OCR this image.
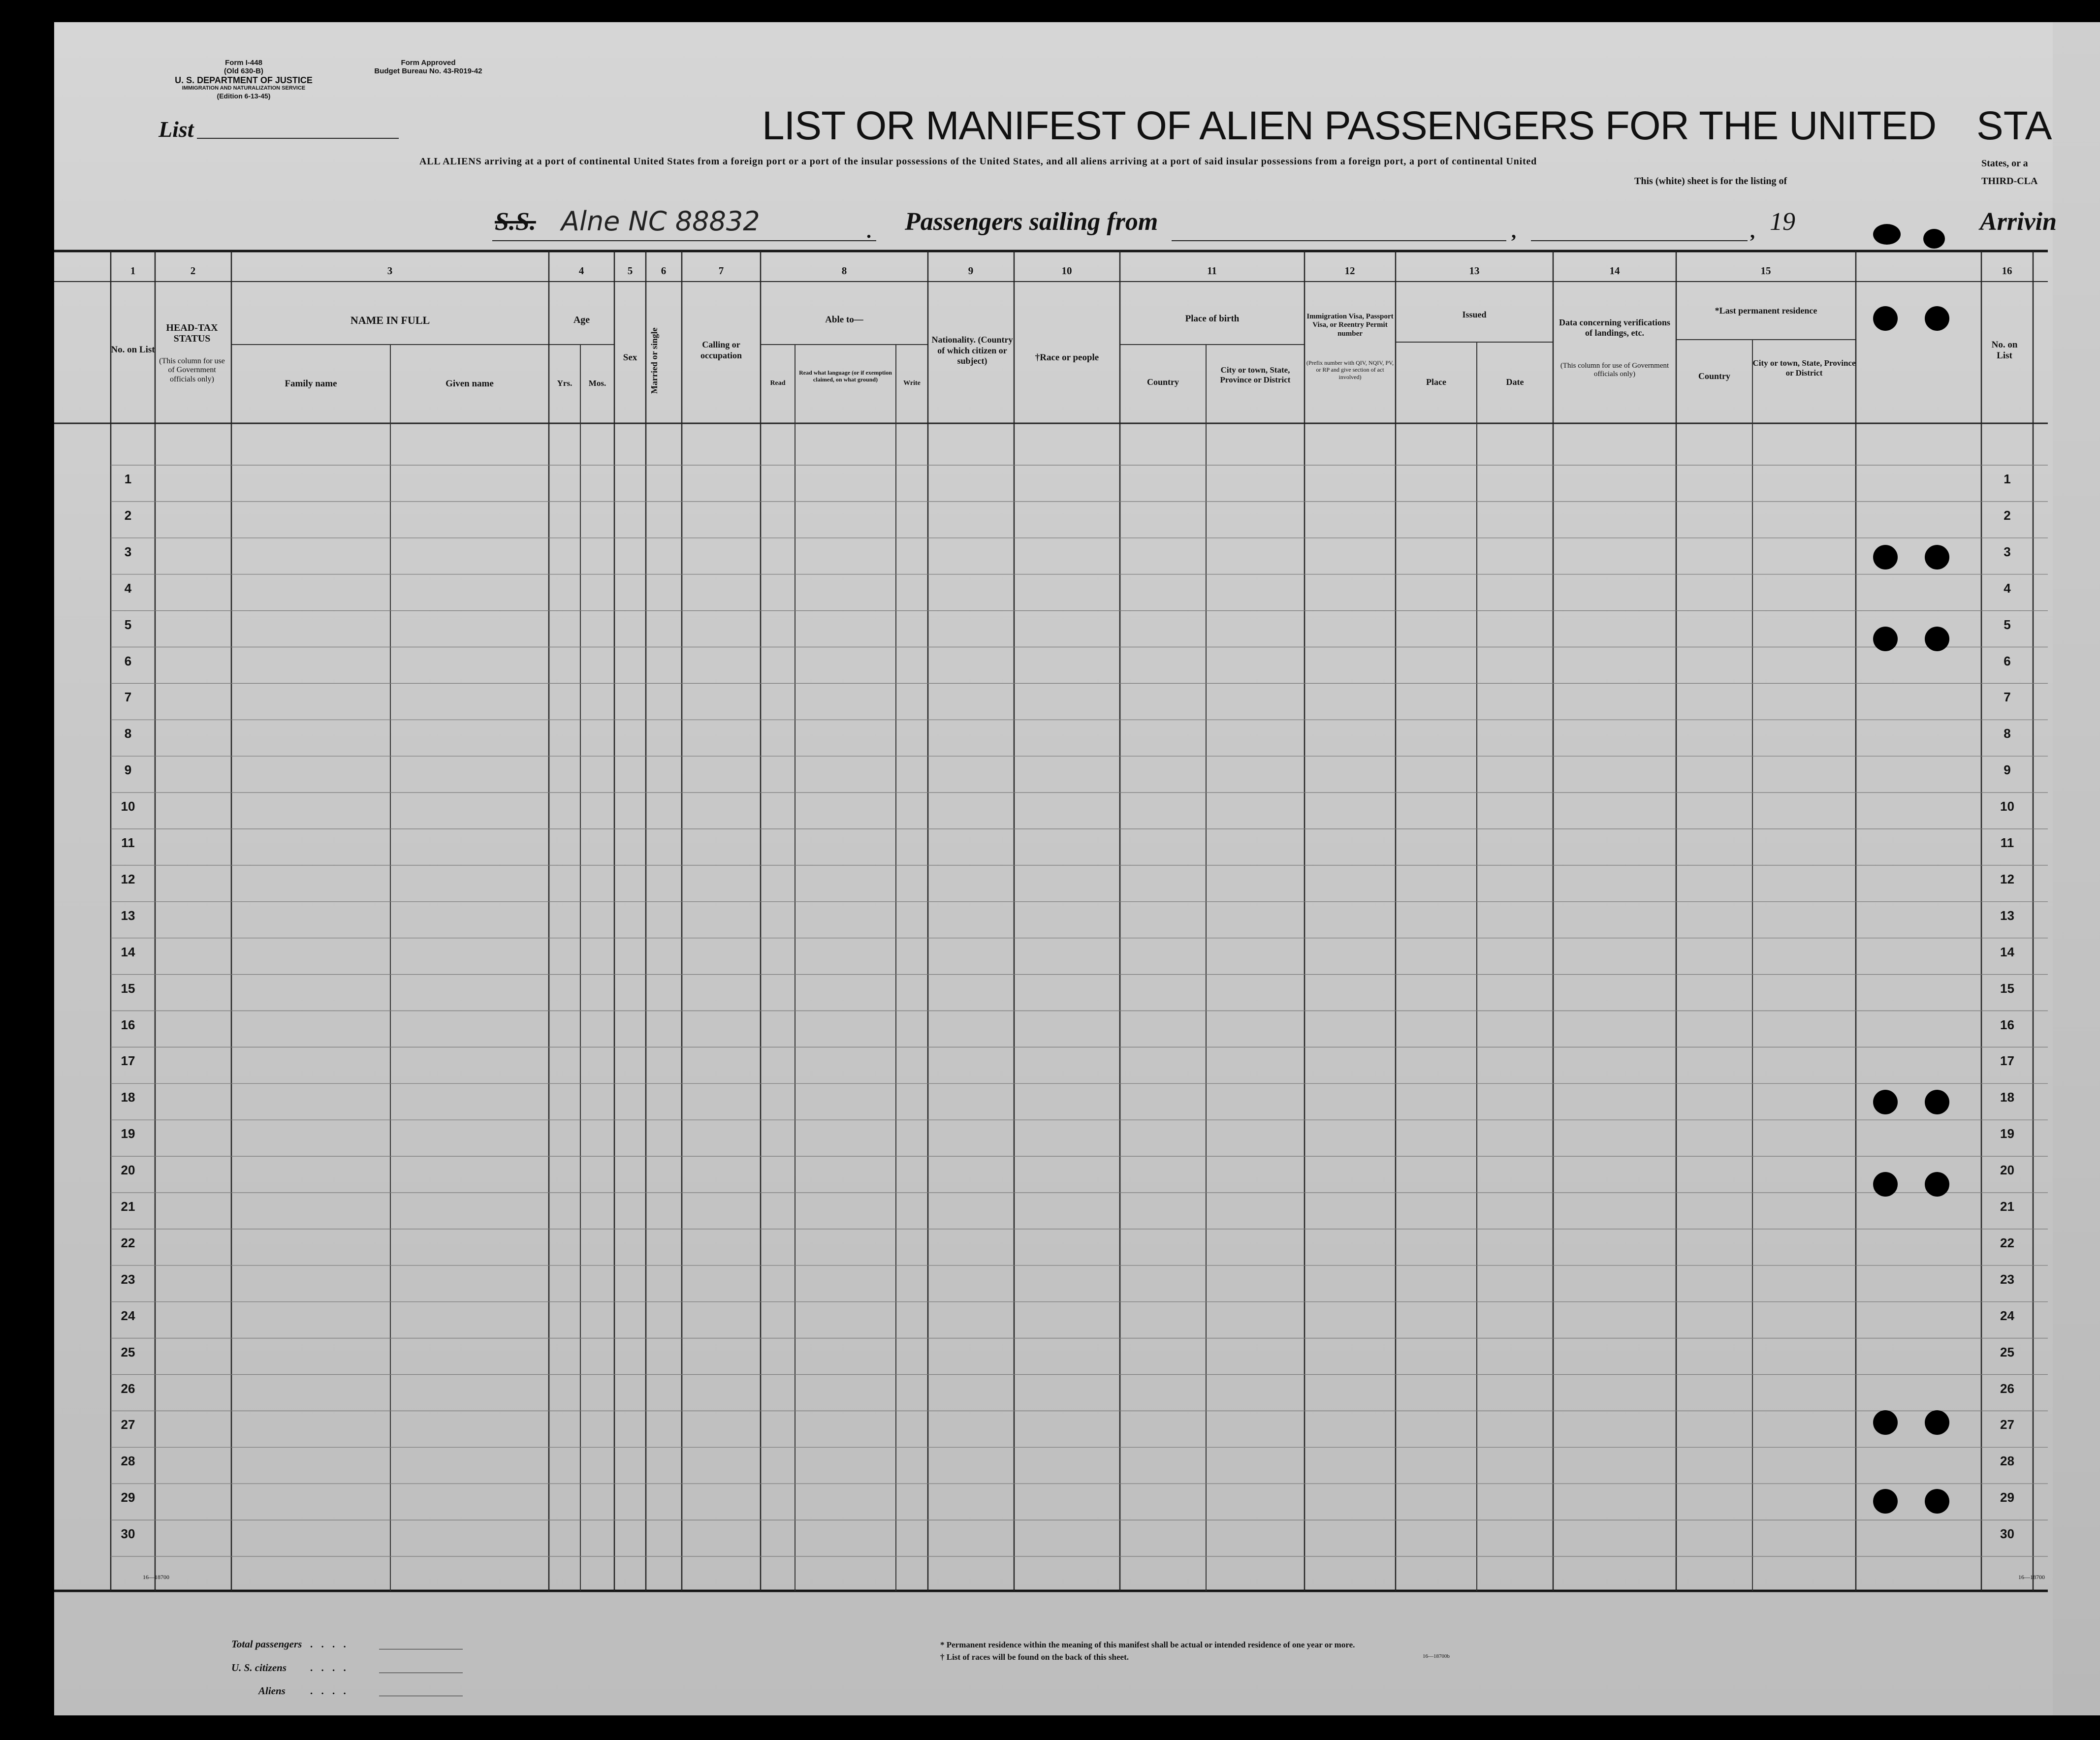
Form I-448
(Old 630-B)
U. S. DEPARTMENT OF JUSTICE
IMMIGRATION AND NATURALIZATION SERVICE
(Edition 6-13-45)
Form Approved
Budget Bureau No. 43-R019-42
List	LIST OR MANIFEST OF ALIEN PASSENGERS FOR THE UNITED STA
ALL ALIENS arriving at a port of continental United States from a foreign port or a port of the insular possessions of the United States, and all aliens arriving at a port of said insular possessions from a foreign port, a port of continental United
This (white) sheet is for the listing of
States, or a
THIRD-CLA
S.S. Alne NC 88832	. Passengers sailing from	,	, 19	Arrivin
1	2	3	4	5	6	7	8	9	10	11	12	13	14	15	16
No. on List
HEAD-TAX STATUS
(This column for use of Government officials only)
NAME IN FULL
Family name	Given name
Age
Yrs.	Mos.
Sex	Married or single	Calling or occupation
Able to—
Read
Read what language (or if exemption claimed, on what ground)	Write
Nationality. (Country of which citizen or subject)	†Race or people
Place of birth
Country
City or town, State, Province or District
Immigration Visa, Passport Visa, or Reentry Permit number
(Prefix number with QIV, NQIV, PV, or RP and give section of act involved)
Issued
Place	Date
Data concerning verifications of landings, etc.
(This column for use of Government officials only)
*Last permanent residence
Country
City or town, State, Province or District
No. on List
1	1
2	2
3	3
4	4
5	5
6	6
7	7
8	8
9	9
10	10
11	11
12	12
13	13
14	14
15	15
16	16
17	17
18	18
19	19
20	20
21	21
22	22
23	23
24	24
25	25
26	26
27	27
28	28
29	29
30	30
16—18700	16—18700
Total passengers . . . .
U. S. citizens . . . .
Aliens . . . .
* Permanent residence within the meaning of this manifest shall be actual or intended residence of one year or more.
† List of races will be found on the back of this sheet.	16—18700b
